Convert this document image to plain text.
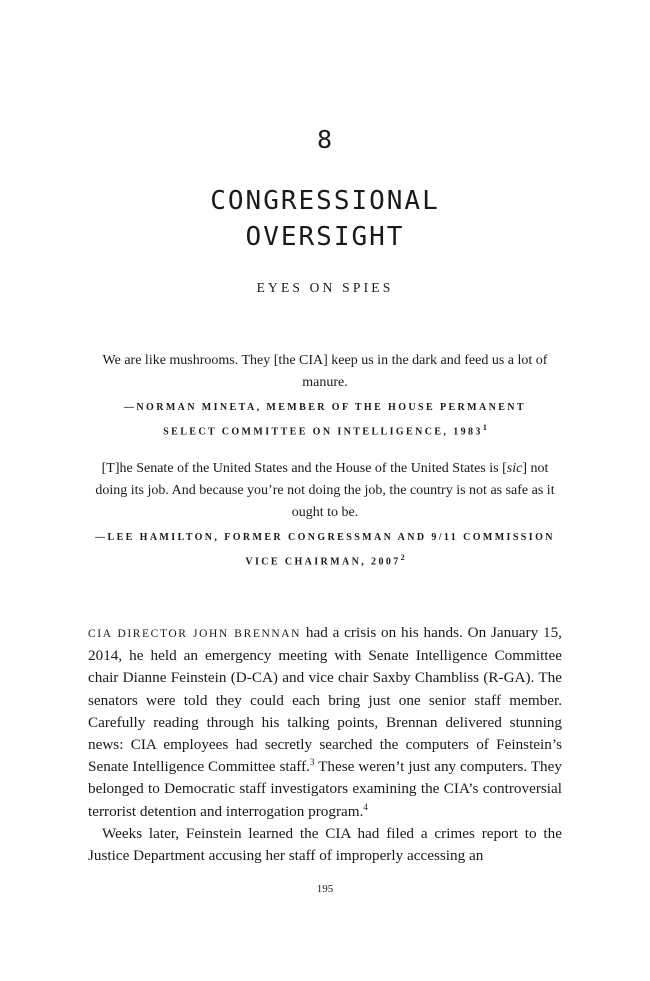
8
CONGRESSIONAL
OVERSIGHT
EYES ON SPIES
We are like mushrooms. They [the CIA] keep us in the dark and feed us a lot of manure.
—NORMAN MINETA, MEMBER OF THE HOUSE PERMANENT SELECT COMMITTEE ON INTELLIGENCE, 1983$^1$
[T]he Senate of the United States and the House of the United States is [sic] not doing its job. And because you’re not doing the job, the country is not as safe as it ought to be.
—LEE HAMILTON, FORMER CONGRESSMAN AND 9/11 COMMISSION VICE CHAIRMAN, 2007$^2$

CIA DIRECTOR JOHN BRENNAN had a crisis on his hands. On January 15, 2014, he held an emergency meeting with Senate Intelligence Committee chair Dianne Feinstein (D-CA) and vice chair Saxby Chambliss (R-GA). The senators were told they could each bring just one senior staff member. Carefully reading through his talking points, Brennan delivered stunning news: CIA employees had secretly searched the computers of Feinstein’s Senate Intelligence Committee staff.$^3$ These weren’t just any computers. They belonged to Democratic staff investigators examining the CIA’s controversial terrorist detention and interrogation program.$^4$

Weeks later, Feinstein learned the CIA had filed a crimes report to the Justice Department accusing her staff of improperly accessing an

195
